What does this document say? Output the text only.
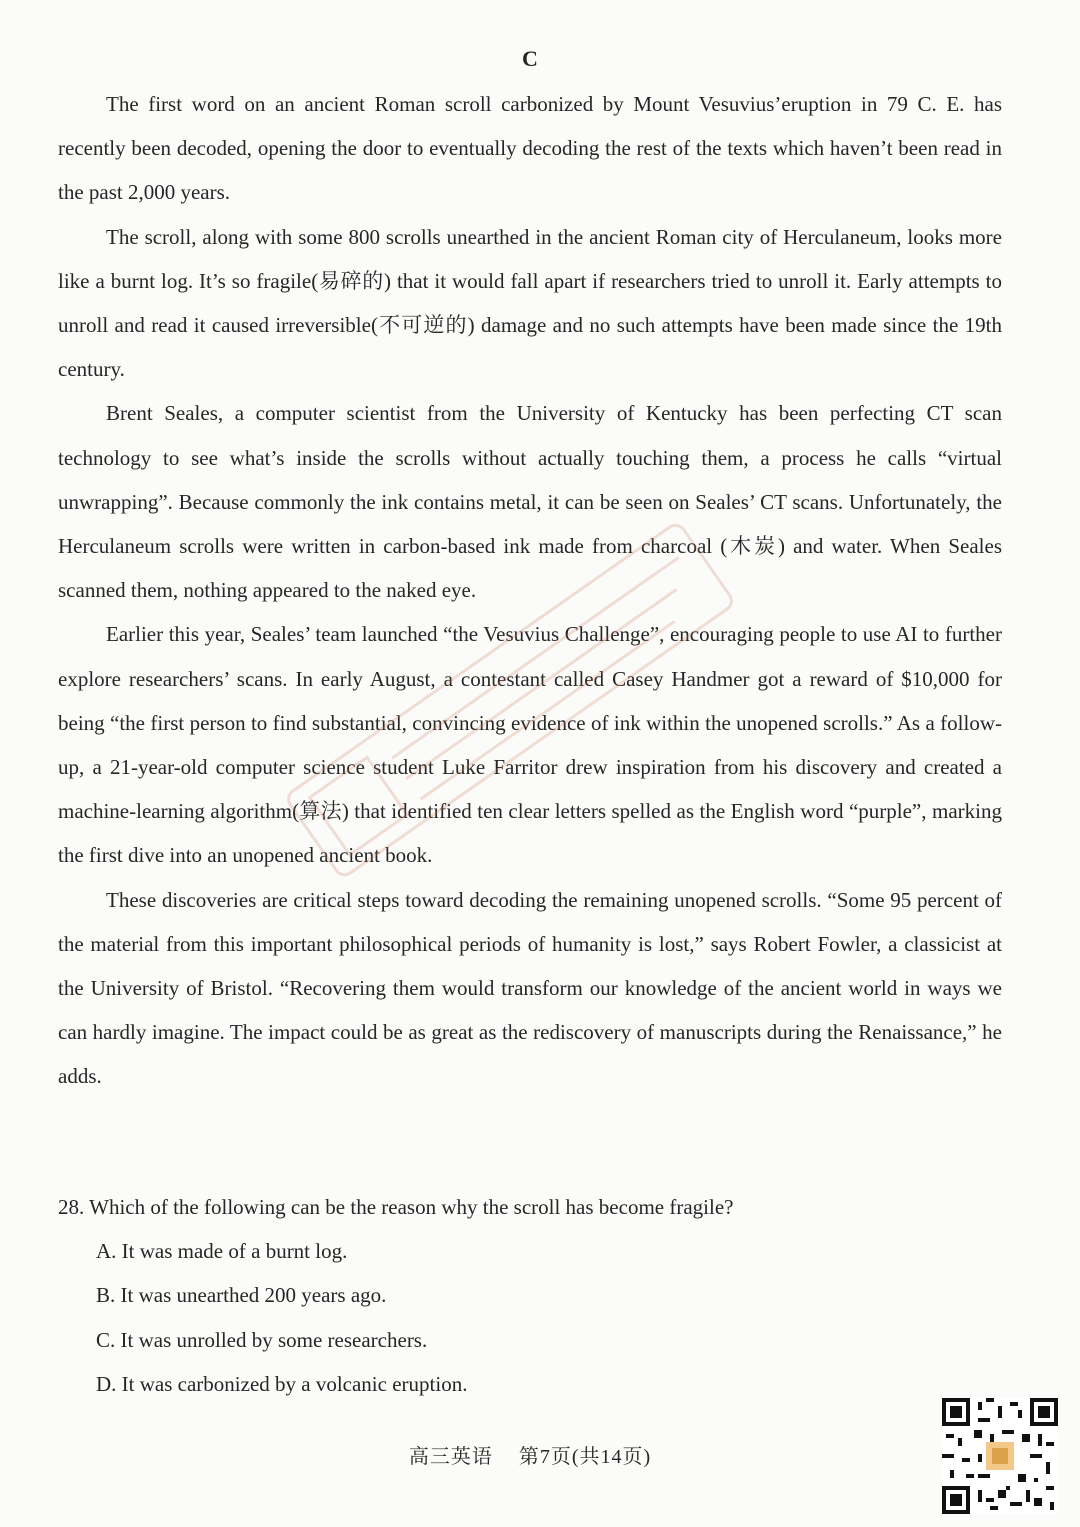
C

The first word on an ancient Roman scroll carbonized by Mount Vesuvius’eruption in 79 C. E. has recently been decoded, opening the door to eventually decoding the rest of the texts which haven’t been read in the past 2,000 years.

The scroll, along with some 800 scrolls unearthed in the ancient Roman city of Herculaneum, looks more like a burnt log. It’s so fragile(易碎的) that it would fall apart if researchers tried to unroll it. Early attempts to unroll and read it caused irreversible(不可逆的) damage and no such attempts have been made since the 19th century.

Brent Seales, a computer scientist from the University of Kentucky has been perfecting CT scan technology to see what’s inside the scrolls without actually touching them, a process he calls “virtual unwrapping”. Because commonly the ink contains metal, it can be seen on Seales’ CT scans. Unfortunately, the Herculaneum scrolls were written in carbon-based ink made from charcoal (木炭) and water. When Seales scanned them, nothing appeared to the naked eye.

Earlier this year, Seales’ team launched “the Vesuvius Challenge”, encouraging people to use AI to further explore researchers’ scans. In early August, a contestant called Casey Handmer got a reward of $10,000 for being “the first person to find substantial, convincing evidence of ink within the unopened scrolls.” As a follow-up, a 21-year-old computer science student Luke Farritor drew inspiration from his discovery and created a machine-learning algorithm(算法) that identified ten clear letters spelled as the English word “purple”, marking the first dive into an unopened ancient book.

These discoveries are critical steps toward decoding the remaining unopened scrolls. “Some 95 percent of the material from this important philosophical periods of humanity is lost,” says Robert Fowler, a classicist at the University of Bristol. “Recovering them would transform our knowledge of the ancient world in ways we can hardly imagine. The impact could be as great as the rediscovery of manuscripts during the Renaissance,” he adds.

28. Which of the following can be the reason why the scroll has become fragile?

A. It was made of a burnt log.

B. It was unearthed 200 years ago.

C. It was unrolled by some researchers.

D. It was carbonized by a volcanic eruption.

高三英语 第7页(共14页)
